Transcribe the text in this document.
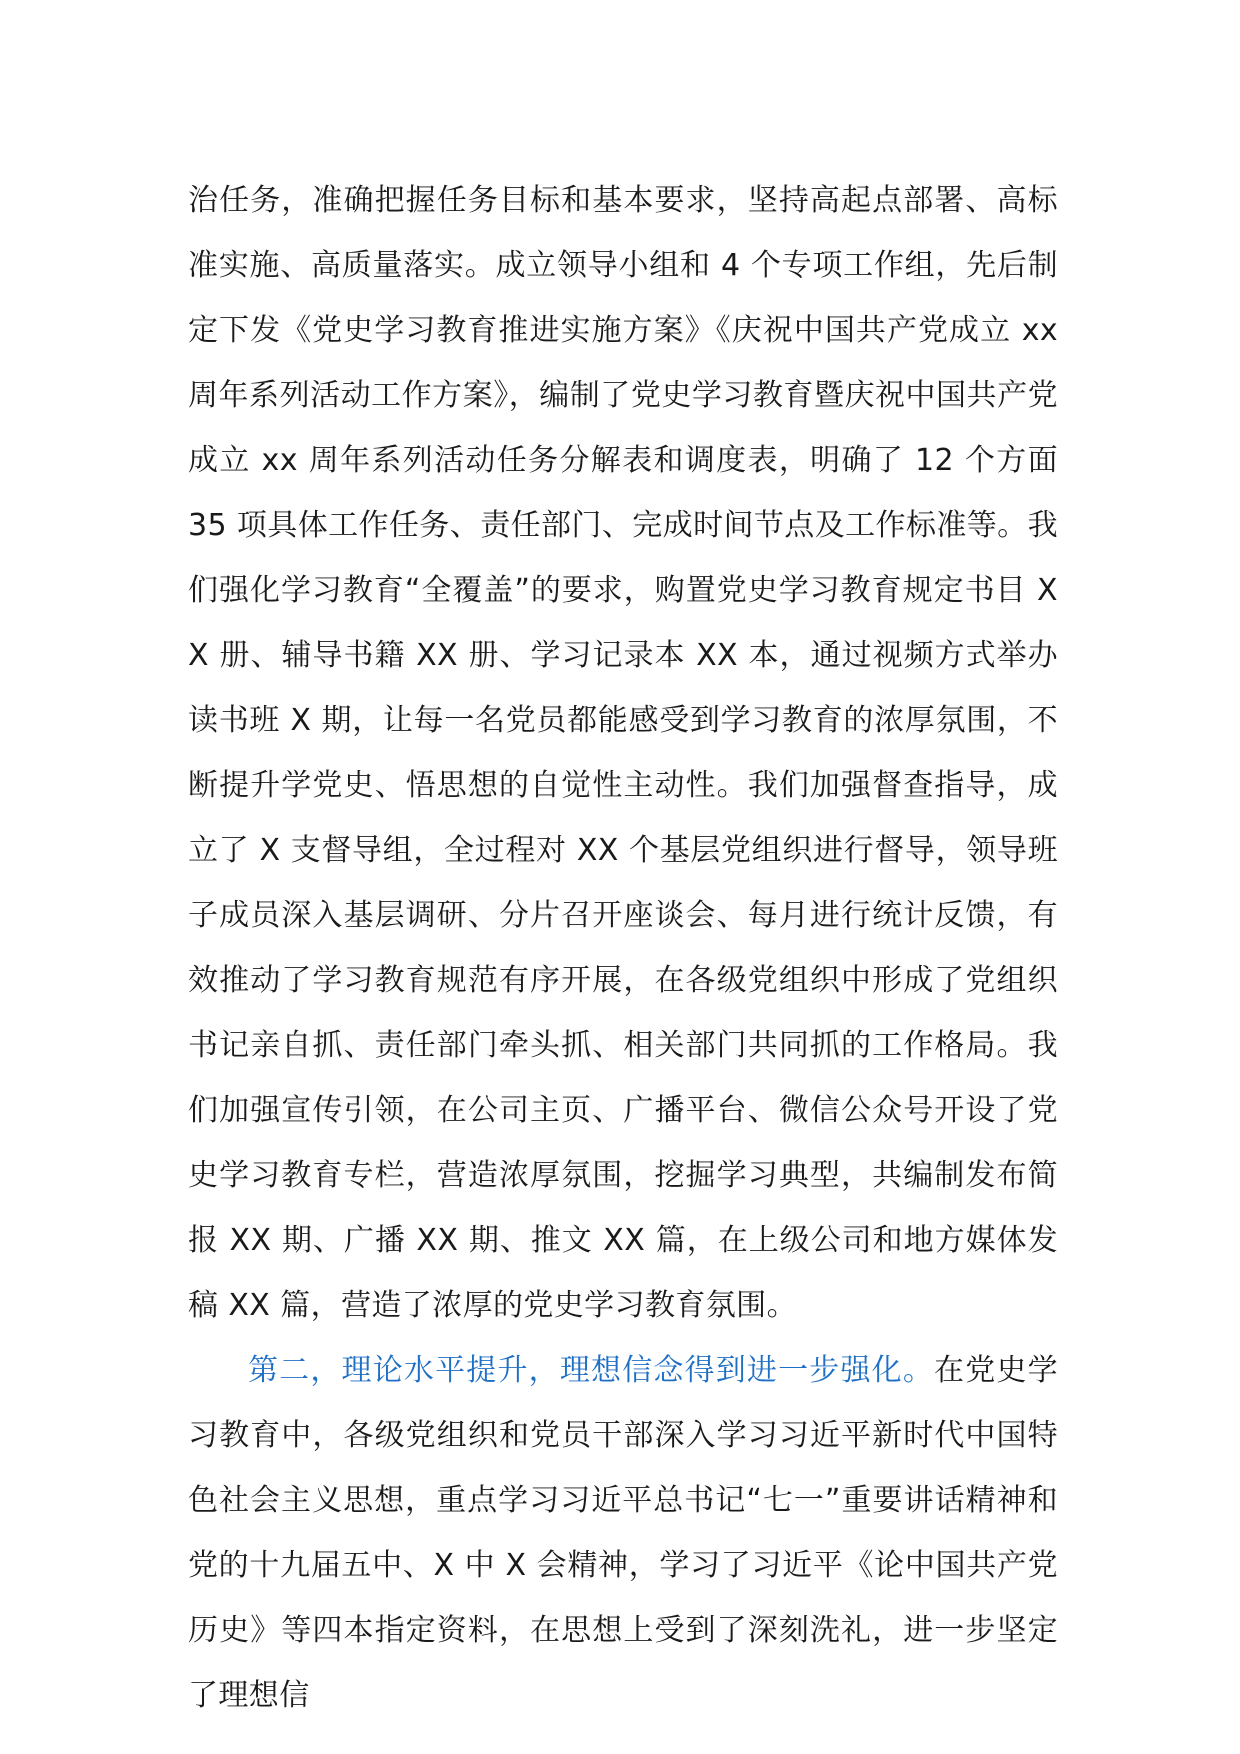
治任务，准确把握任务目标和基本要求，坚持高起点部署、高标准实施、高质量落实。成立领导小组和 4 个专项工作组，先后制定下发《党史学习教育推进实施方案》《庆祝中国共产党成立 xx 周年系列活动工作方案》，编制了党史学习教育暨庆祝中国共产党成立 xx 周年系列活动任务分解表和调度表，明确了 12 个方面 35 项具体工作任务、责任部门、完成时间节点及工作标准等。我们强化学习教育“全覆盖”的要求，购置党史学习教育规定书目 XX 册、辅导书籍 XX 册、学习记录本 XX 本，通过视频方式举办读书班 X 期，让每一名党员都能感受到学习教育的浓厚氛围，不断提升学党史、悟思想的自觉性主动性。我们加强督查指导，成立了 X 支督导组，全过程对 XX 个基层党组织进行督导，领导班子成员深入基层调研、分片召开座谈会、每月进行统计反馈，有效推动了学习教育规范有序开展，在各级党组织中形成了党组织书记亲自抓、责任部门牵头抓、相关部门共同抓的工作格局。我们加强宣传引领，在公司主页、广播平台、微信公众号开设了党史学习教育专栏，营造浓厚氛围，挖掘学习典型，共编制发布简报 XX 期、广播 XX 期、推文 XX 篇，在上级公司和地方媒体发稿 XX 篇，营造了浓厚的党史学习教育氛围。

第二，理论水平提升，理想信念得到进一步强化。在党史学习教育中，各级党组织和党员干部深入学习习近平新时代中国特色社会主义思想，重点学习习近平总书记“七一”重要讲话精神和党的十九届五中、X 中 X 会精神，学习了习近平《论中国共产党历史》等四本指定资料，在思想上受到了深刻洗礼，进一步坚定了理想信
